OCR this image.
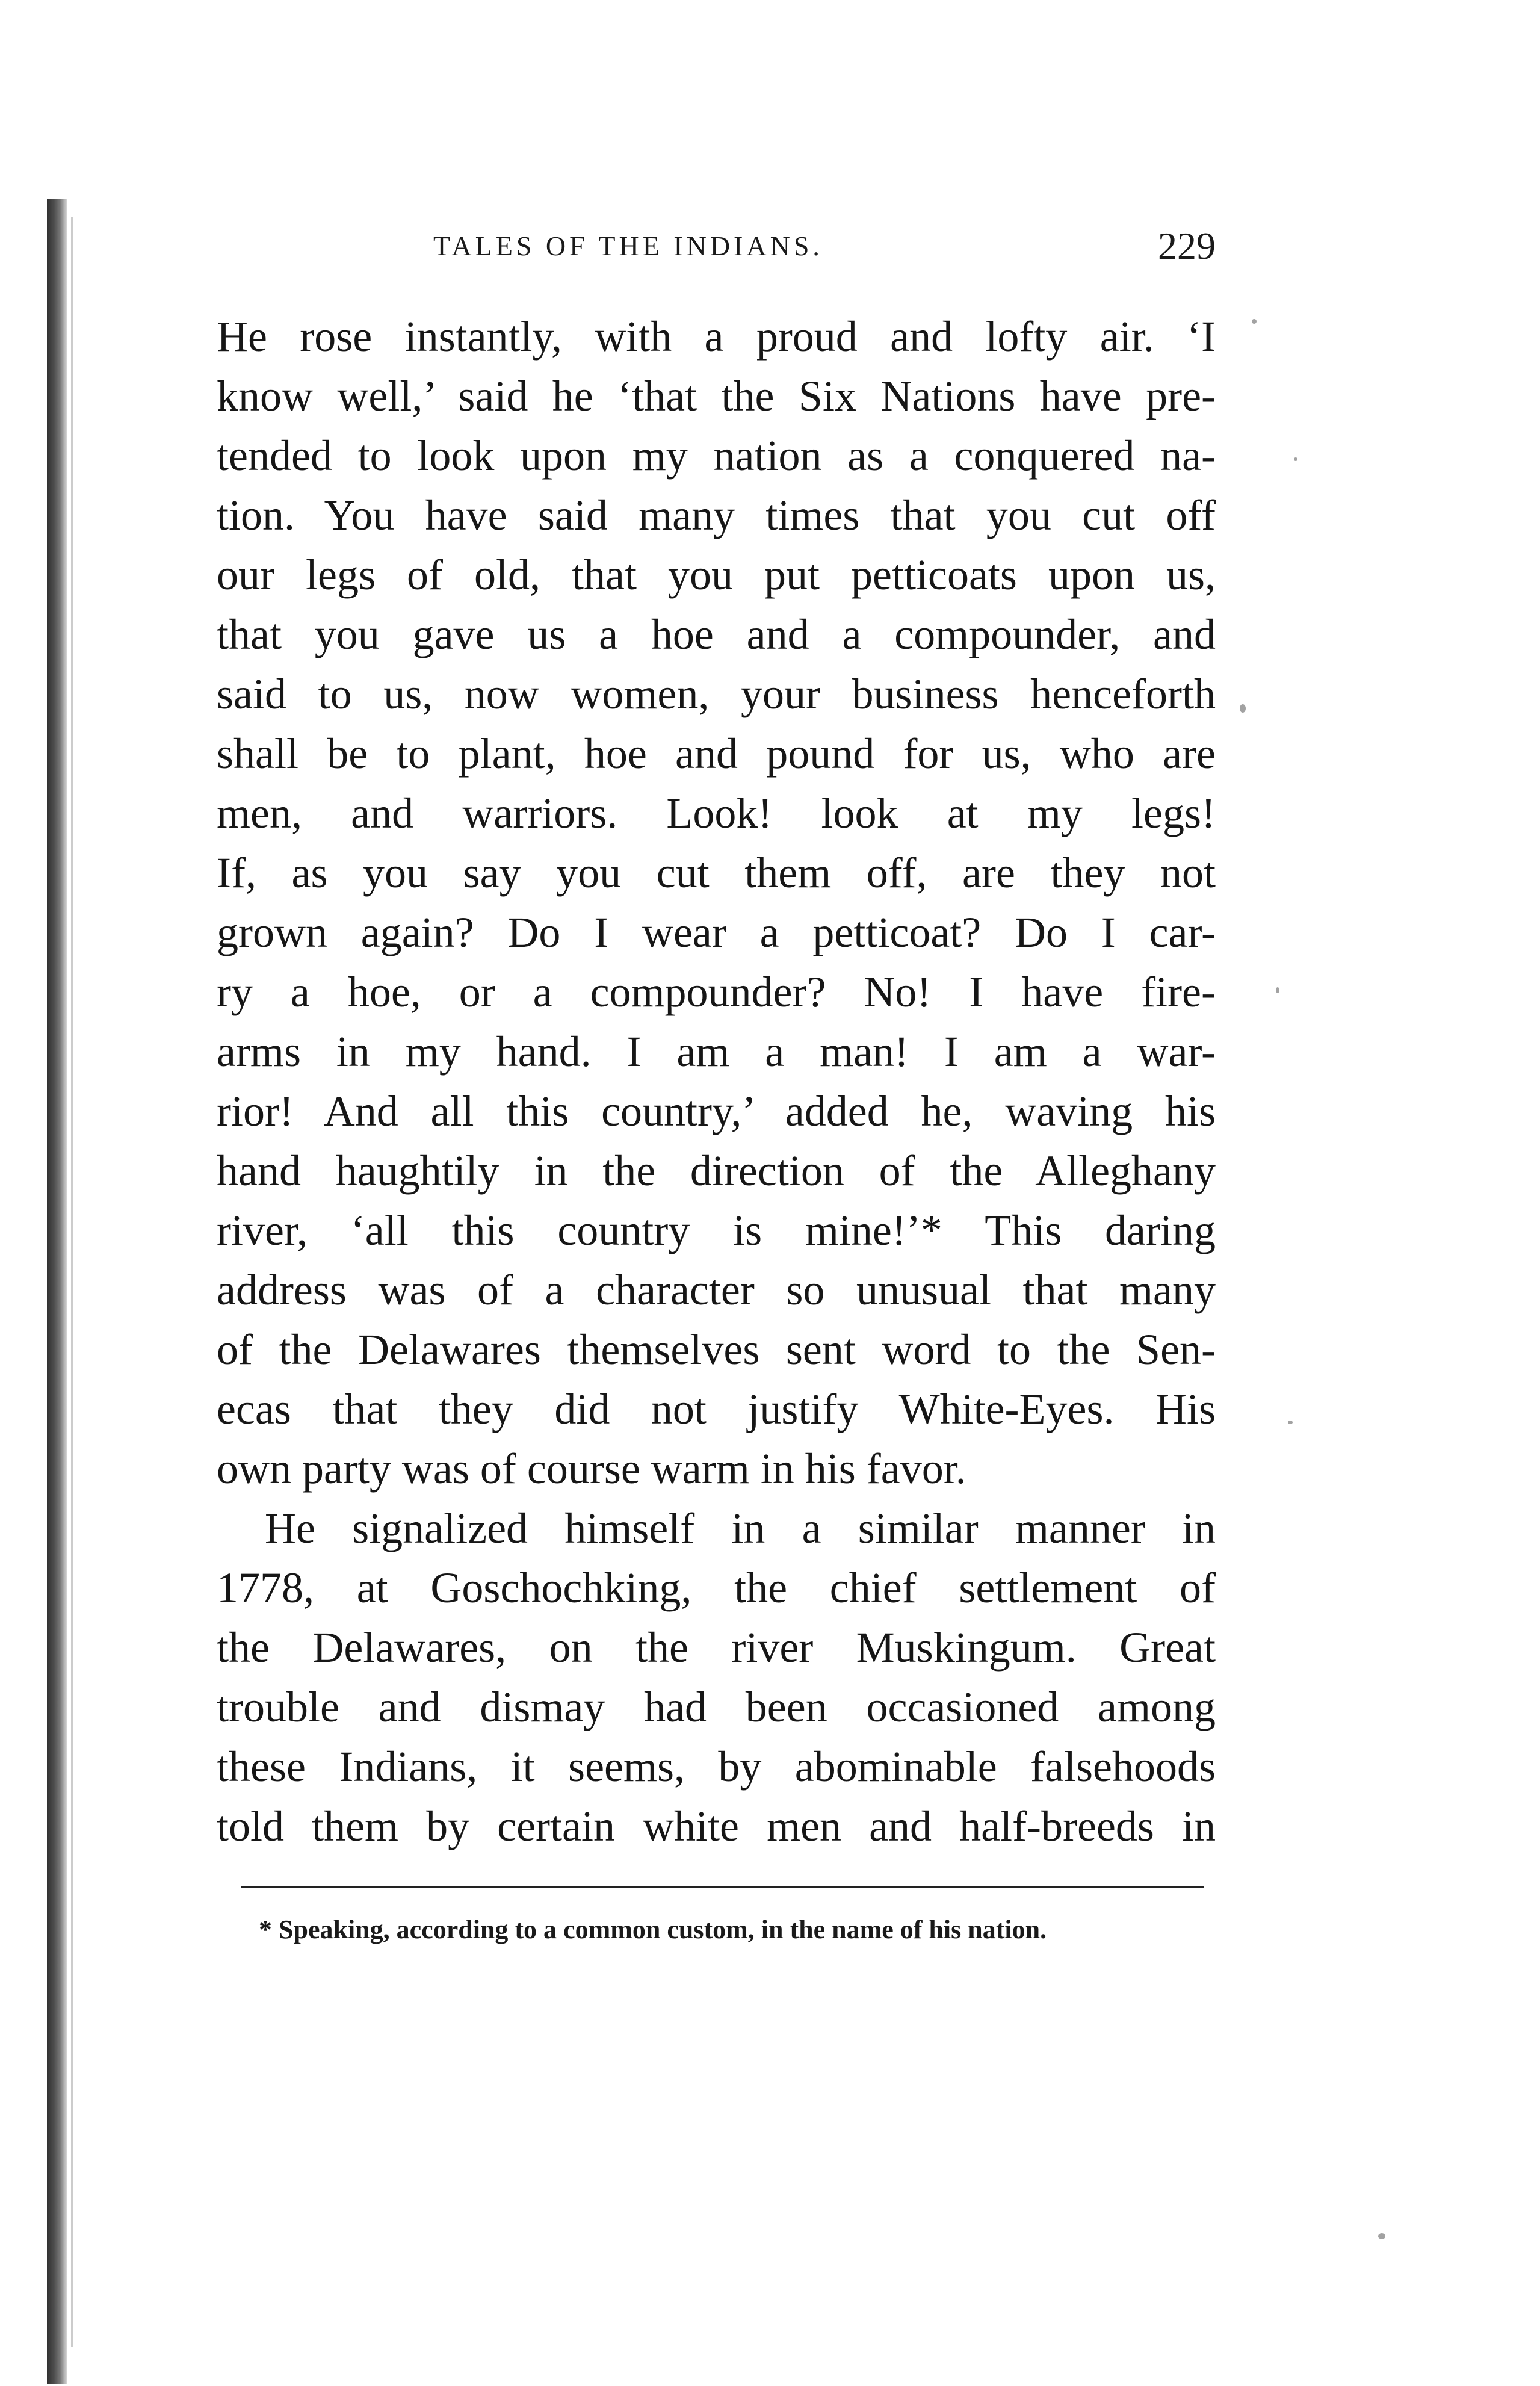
TALES OF THE INDIANS.	229
He rose instantly, with a proud and lofty air. ‘I
know well,’ said he ‘that the Six Nations have pre-
tended to look upon my nation as a conquered na-
tion. You have said many times that you cut off
our legs of old, that you put petticoats upon us,
that you gave us a hoe and a compounder, and
said to us, now women, your business henceforth
shall be to plant, hoe and pound for us, who are
men, and warriors. Look! look at my legs!
If, as you say you cut them off, are they not
grown again? Do I wear a petticoat? Do I car-
ry a hoe, or a compounder? No! I have fire-
arms in my hand. I am a man! I am a war-
rior! And all this country,’ added he, waving his
hand haughtily in the direction of the Alleghany
river, ‘all this country is mine!’* This daring
address was of a character so unusual that many
of the Delawares themselves sent word to the Sen-
ecas that they did not justify White-Eyes. His
own party was of course warm in his favor.
He signalized himself in a similar manner in
1778, at Goschochking, the chief settlement of
the Delawares, on the river Muskingum. Great
trouble and dismay had been occasioned among
these Indians, it seems, by abominable falsehoods
told them by certain white men and half-breeds in
* Speaking, according to a common custom, in the name of his nation.
